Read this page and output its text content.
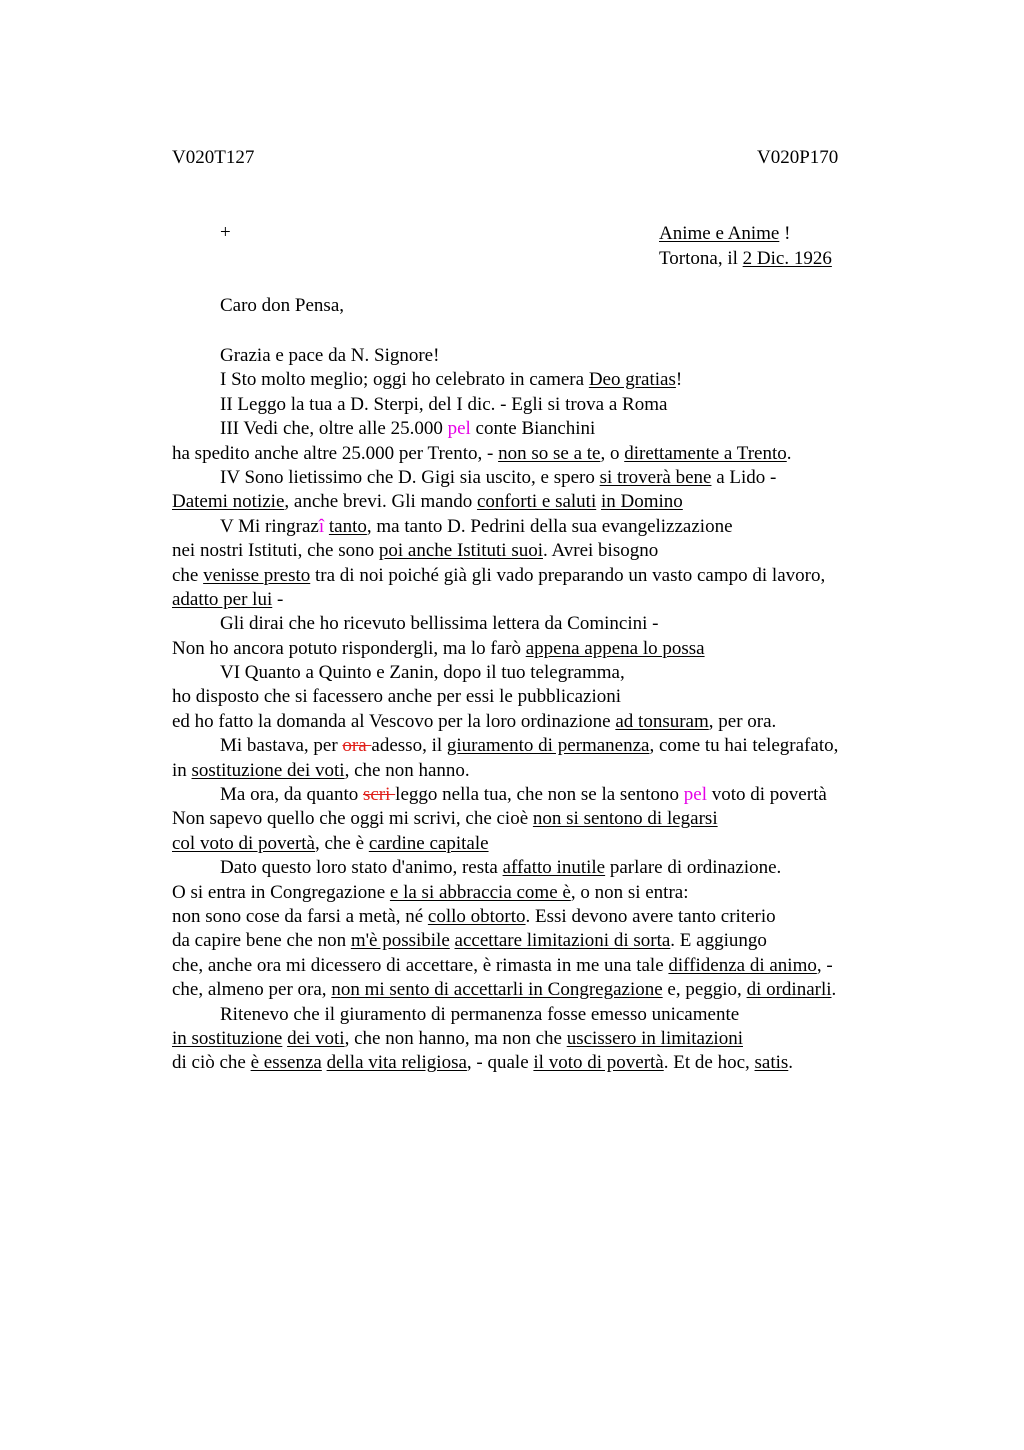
V020T127	V020P170
+	Anime e Anime !
Tortona, il 2 Dic. 1926
Caro don Pensa,
Grazia e pace da N. Signore!
I Sto molto meglio; oggi ho celebrato in camera Deo gratias!
II Leggo la tua a D. Sterpi, del I dic. - Egli si trova a Roma
III Vedi che, oltre alle 25.000 pel conte Bianchini
ha spedito anche altre 25.000 per Trento, - non so se a te, o direttamente a Trento.
IV Sono lietissimo che D. Gigi sia uscito, e spero si troverà bene a Lido -
Datemi notizie, anche brevi. Gli mando conforti e saluti in Domino
V Mi ringrazî tanto, ma tanto D. Pedrini della sua evangelizzazione
nei nostri Istituti, che sono poi anche Istituti suoi. Avrei bisogno
che venisse presto tra di noi poiché già gli vado preparando un vasto campo di lavoro,
adatto per lui -
Gli dirai che ho ricevuto bellissima lettera da Comincini -
Non ho ancora potuto rispondergli, ma lo farò appena appena lo possa
VI Quanto a Quinto e Zanin, dopo il tuo telegramma,
ho disposto che si facessero anche per essi le pubblicazioni
ed ho fatto la domanda al Vescovo per la loro ordinazione ad tonsuram, per ora.
Mi bastava, per ora adesso, il giuramento di permanenza, come tu hai telegrafato,
in sostituzione dei voti, che non hanno.
Ma ora, da quanto scri leggo nella tua, che non se la sentono pel voto di povertà
Non sapevo quello che oggi mi scrivi, che cioè non si sentono di legarsi
col voto di povertà, che è cardine capitale
Dato questo loro stato d'animo, resta affatto inutile parlare di ordinazione.
O si entra in Congregazione e la si abbraccia come è, o non si entra:
non sono cose da farsi a metà, né collo obtorto. Essi devono avere tanto criterio
da capire bene che non m'è possibile accettare limitazioni di sorta. E aggiungo
che, anche ora mi dicessero di accettare, è rimasta in me una tale diffidenza di animo, -
che, almeno per ora, non mi sento di accettarli in Congregazione e, peggio, di ordinarli.
Ritenevo che il giuramento di permanenza fosse emesso unicamente
in sostituzione dei voti, che non hanno, ma non che uscissero in limitazioni
di ciò che è essenza della vita religiosa, - quale il voto di povertà. Et de hoc, satis.
